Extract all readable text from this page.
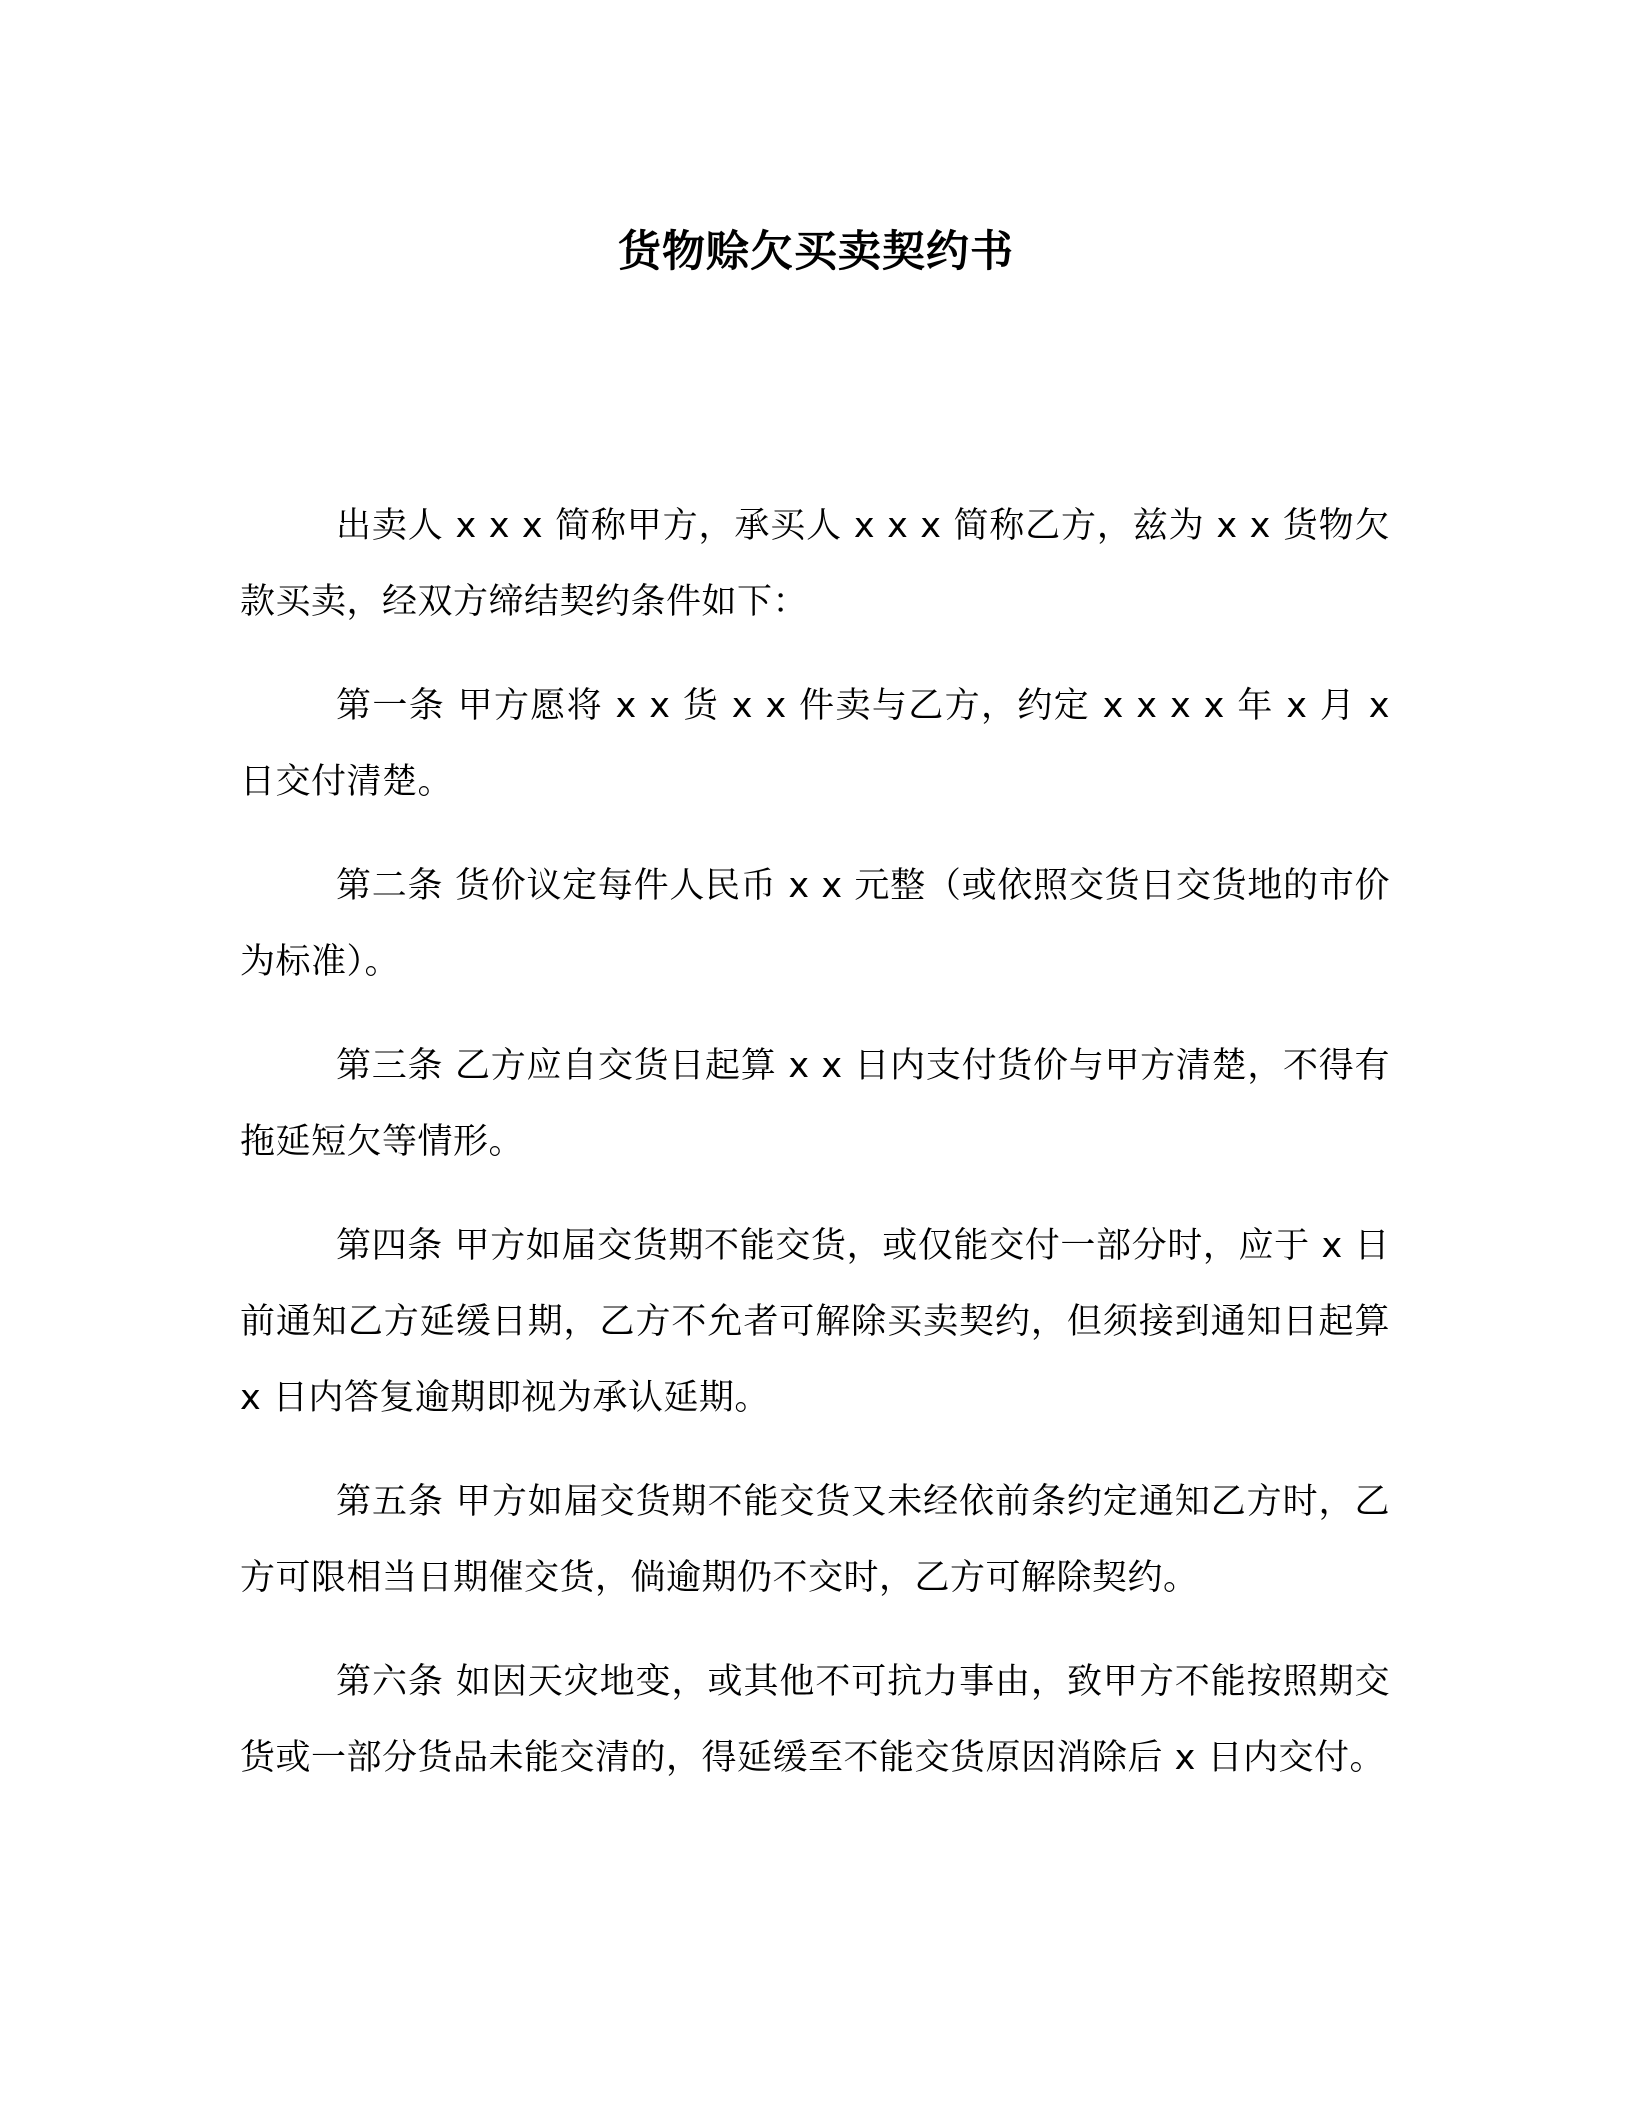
货物赊欠买卖契约书

出卖人 x x x 简称甲方，承买人 x x x 简称乙方，兹为 x x 货物欠款买卖，经双方缔结契约条件如下：

第一条 甲方愿将 x x 货 x x 件卖与乙方，约定 x x x x 年 x 月 x 日交付清楚。

第二条 货价议定每件人民币 x x 元整（或依照交货日交货地的市价为标准）。

第三条 乙方应自交货日起算 x x 日内支付货价与甲方清楚，不得有拖延短欠等情形。

第四条 甲方如届交货期不能交货，或仅能交付一部分时，应于 x 日前通知乙方延缓日期，乙方不允者可解除买卖契约，但须接到通知日起算 x 日内答复逾期即视为承认延期。

第五条 甲方如届交货期不能交货又未经依前条约定通知乙方时，乙方可限相当日期催交货，倘逾期仍不交时，乙方可解除契约。

第六条 如因天灾地变，或其他不可抗力事由，致甲方不能按照期交货或一部分货品未能交清的，得延缓至不能交货原因消除后 x 日内交付。
